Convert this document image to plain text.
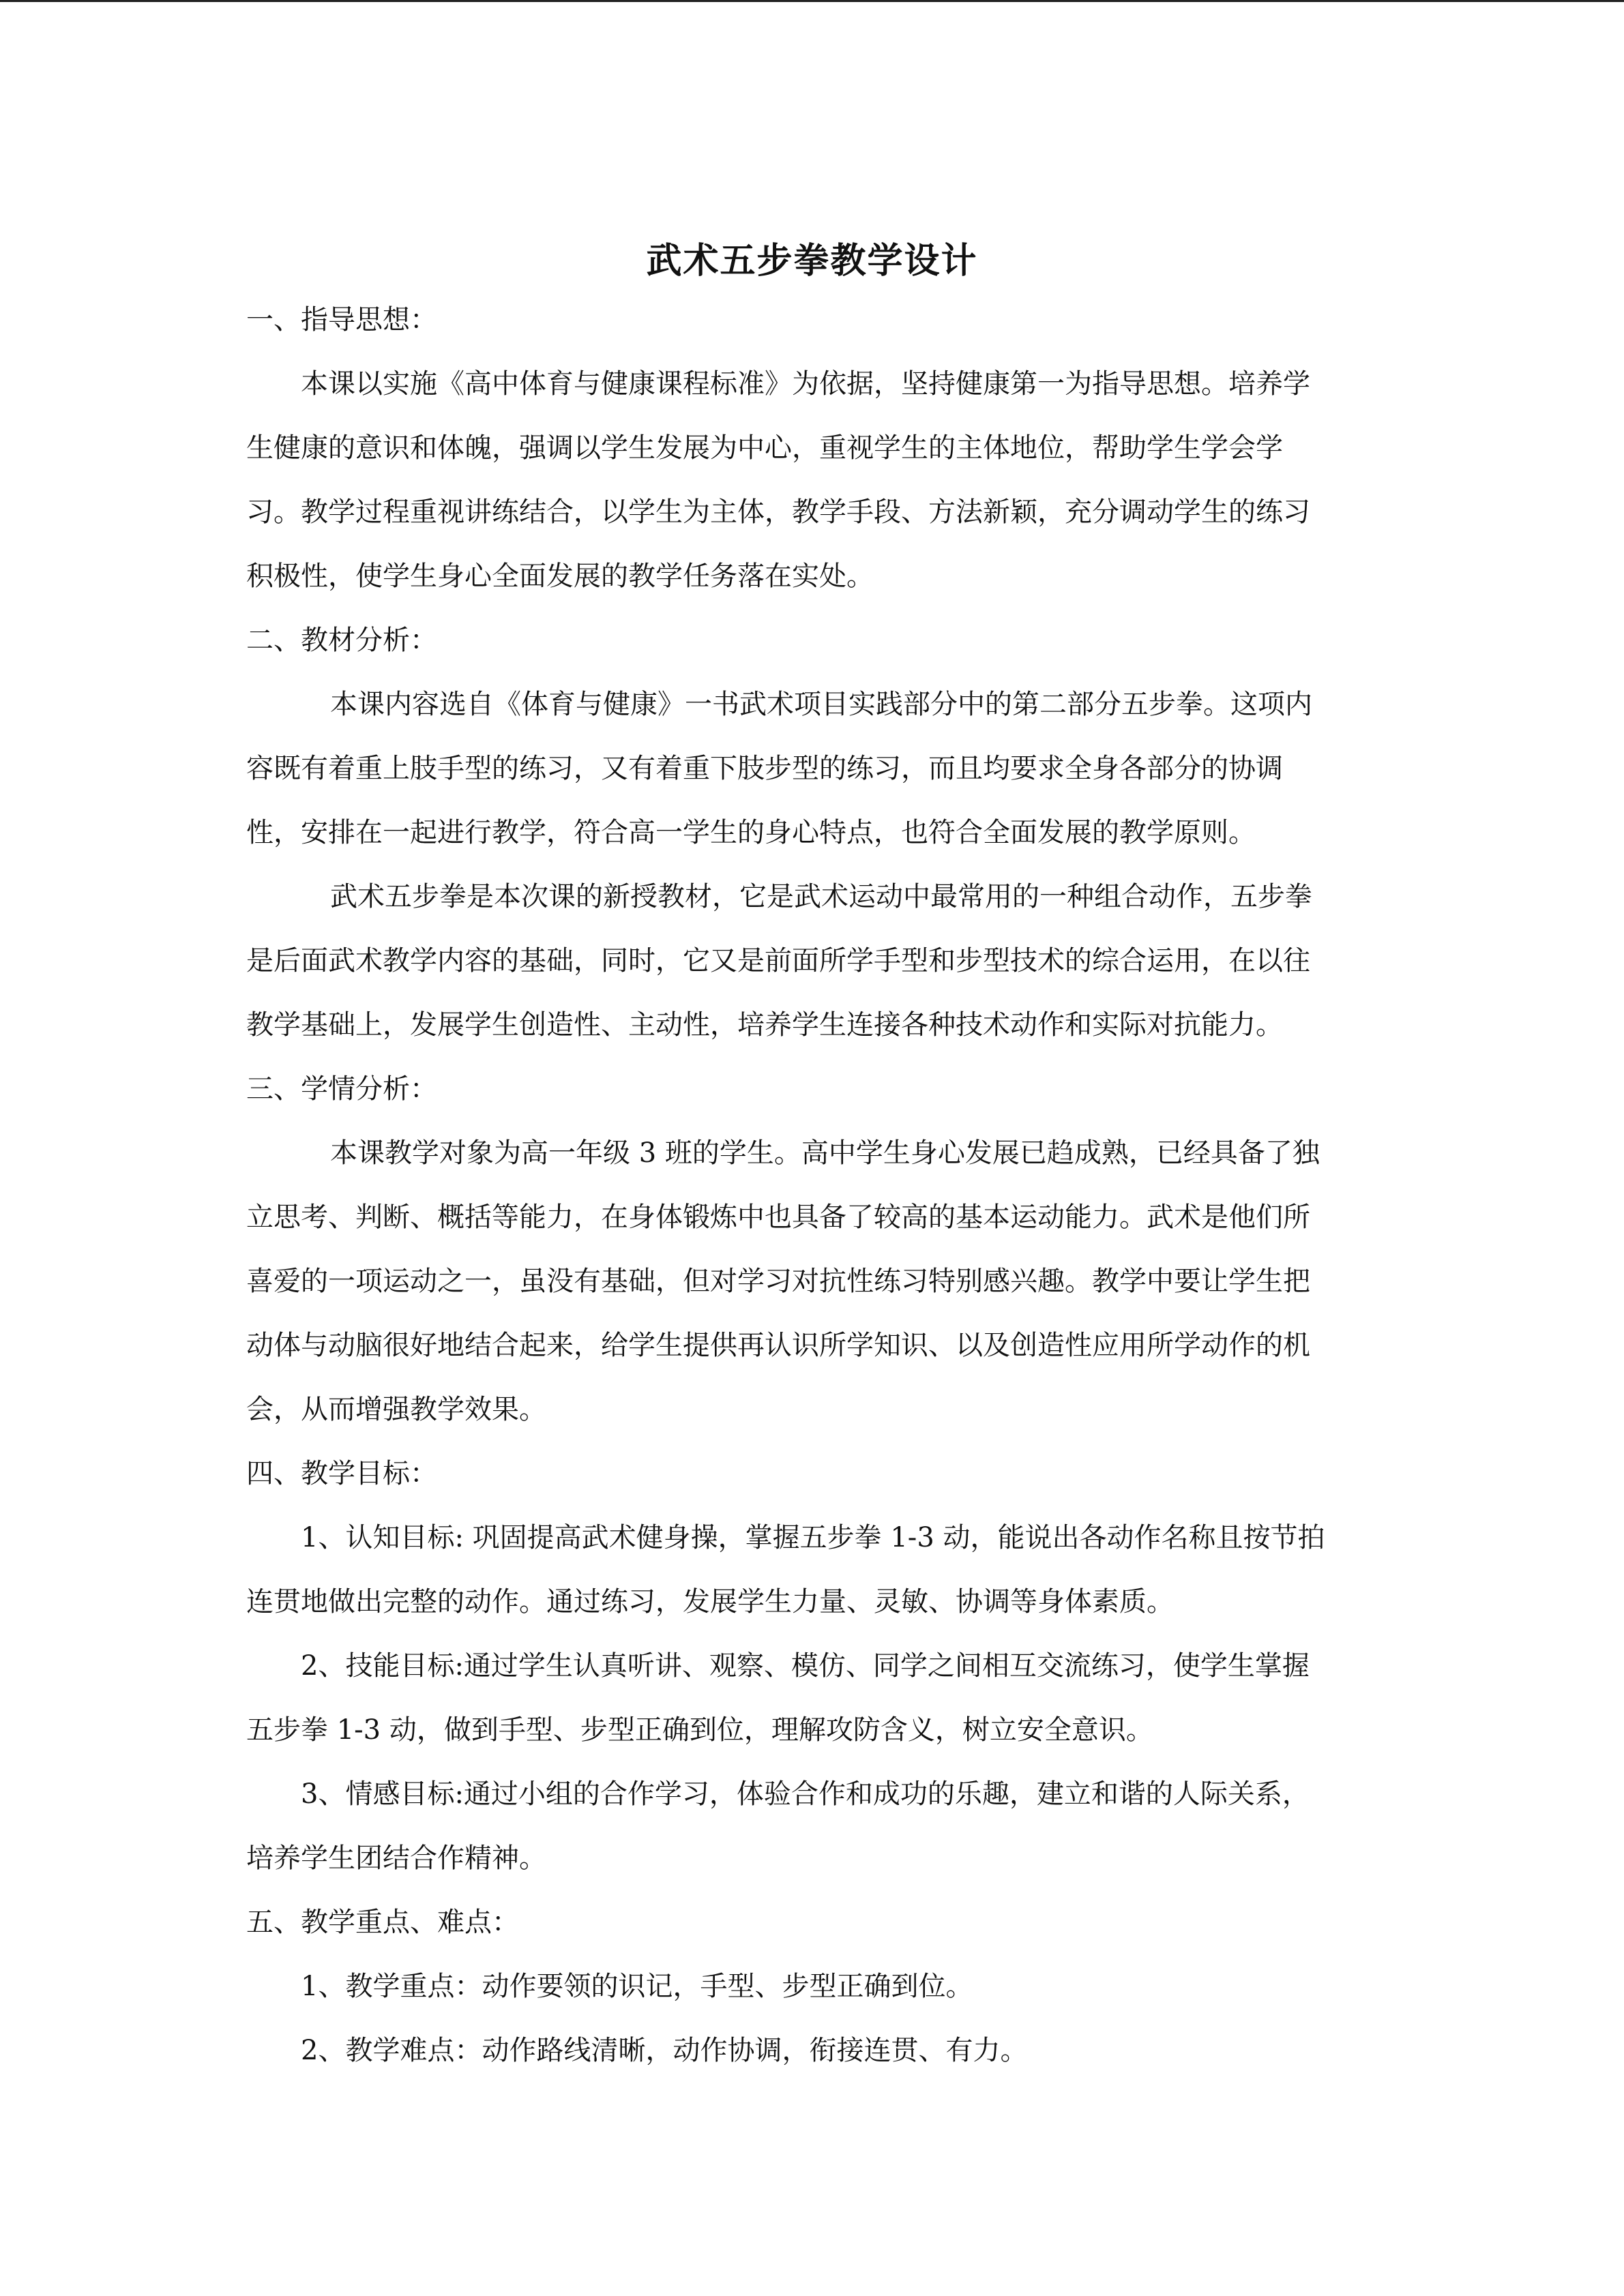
武术五步拳教学设计

一、指导思想：

本课以实施《高中体育与健康课程标准》为依据，坚持健康第一为指导思想。培养学
生健康的意识和体魄，强调以学生发展为中心，重视学生的主体地位，帮助学生学会学
习。教学过程重视讲练结合，以学生为主体，教学手段、方法新颖，充分调动学生的练习
积极性，使学生身心全面发展的教学任务落在实处。

二、教材分析：

本课内容选自《体育与健康》一书武术项目实践部分中的第二部分五步拳。这项内
容既有着重上肢手型的练习，又有着重下肢步型的练习，而且均要求全身各部分的协调
性，安排在一起进行教学，符合高一学生的身心特点，也符合全面发展的教学原则。

武术五步拳是本次课的新授教材，它是武术运动中最常用的一种组合动作，五步拳
是后面武术教学内容的基础，同时，它又是前面所学手型和步型技术的综合运用，在以往
教学基础上，发展学生创造性、主动性，培养学生连接各种技术动作和实际对抗能力。

三、学情分析：

本课教学对象为高一年级 3 班的学生。高中学生身心发展已趋成熟，已经具备了独
立思考、判断、概括等能力，在身体锻炼中也具备了较高的基本运动能力。武术是他们所
喜爱的一项运动之一，虽没有基础，但对学习对抗性练习特别感兴趣。教学中要让学生把
动体与动脑很好地结合起来，给学生提供再认识所学知识、以及创造性应用所学动作的机
会，从而增强教学效果。

四、教学目标：

1、认知目标: 巩固提高武术健身操，掌握五步拳 1-3 动，能说出各动作名称且按节拍
连贯地做出完整的动作。通过练习，发展学生力量、灵敏、协调等身体素质。

2、技能目标:通过学生认真听讲、观察、模仿、同学之间相互交流练习，使学生掌握
五步拳 1-3 动，做到手型、步型正确到位，理解攻防含义，树立安全意识。

3、情感目标:通过小组的合作学习，体验合作和成功的乐趣，建立和谐的人际关系，
培养学生团结合作精神。

五、教学重点、难点：

1、教学重点：动作要领的识记，手型、步型正确到位。

2、教学难点：动作路线清晰，动作协调，衔接连贯、有力。
